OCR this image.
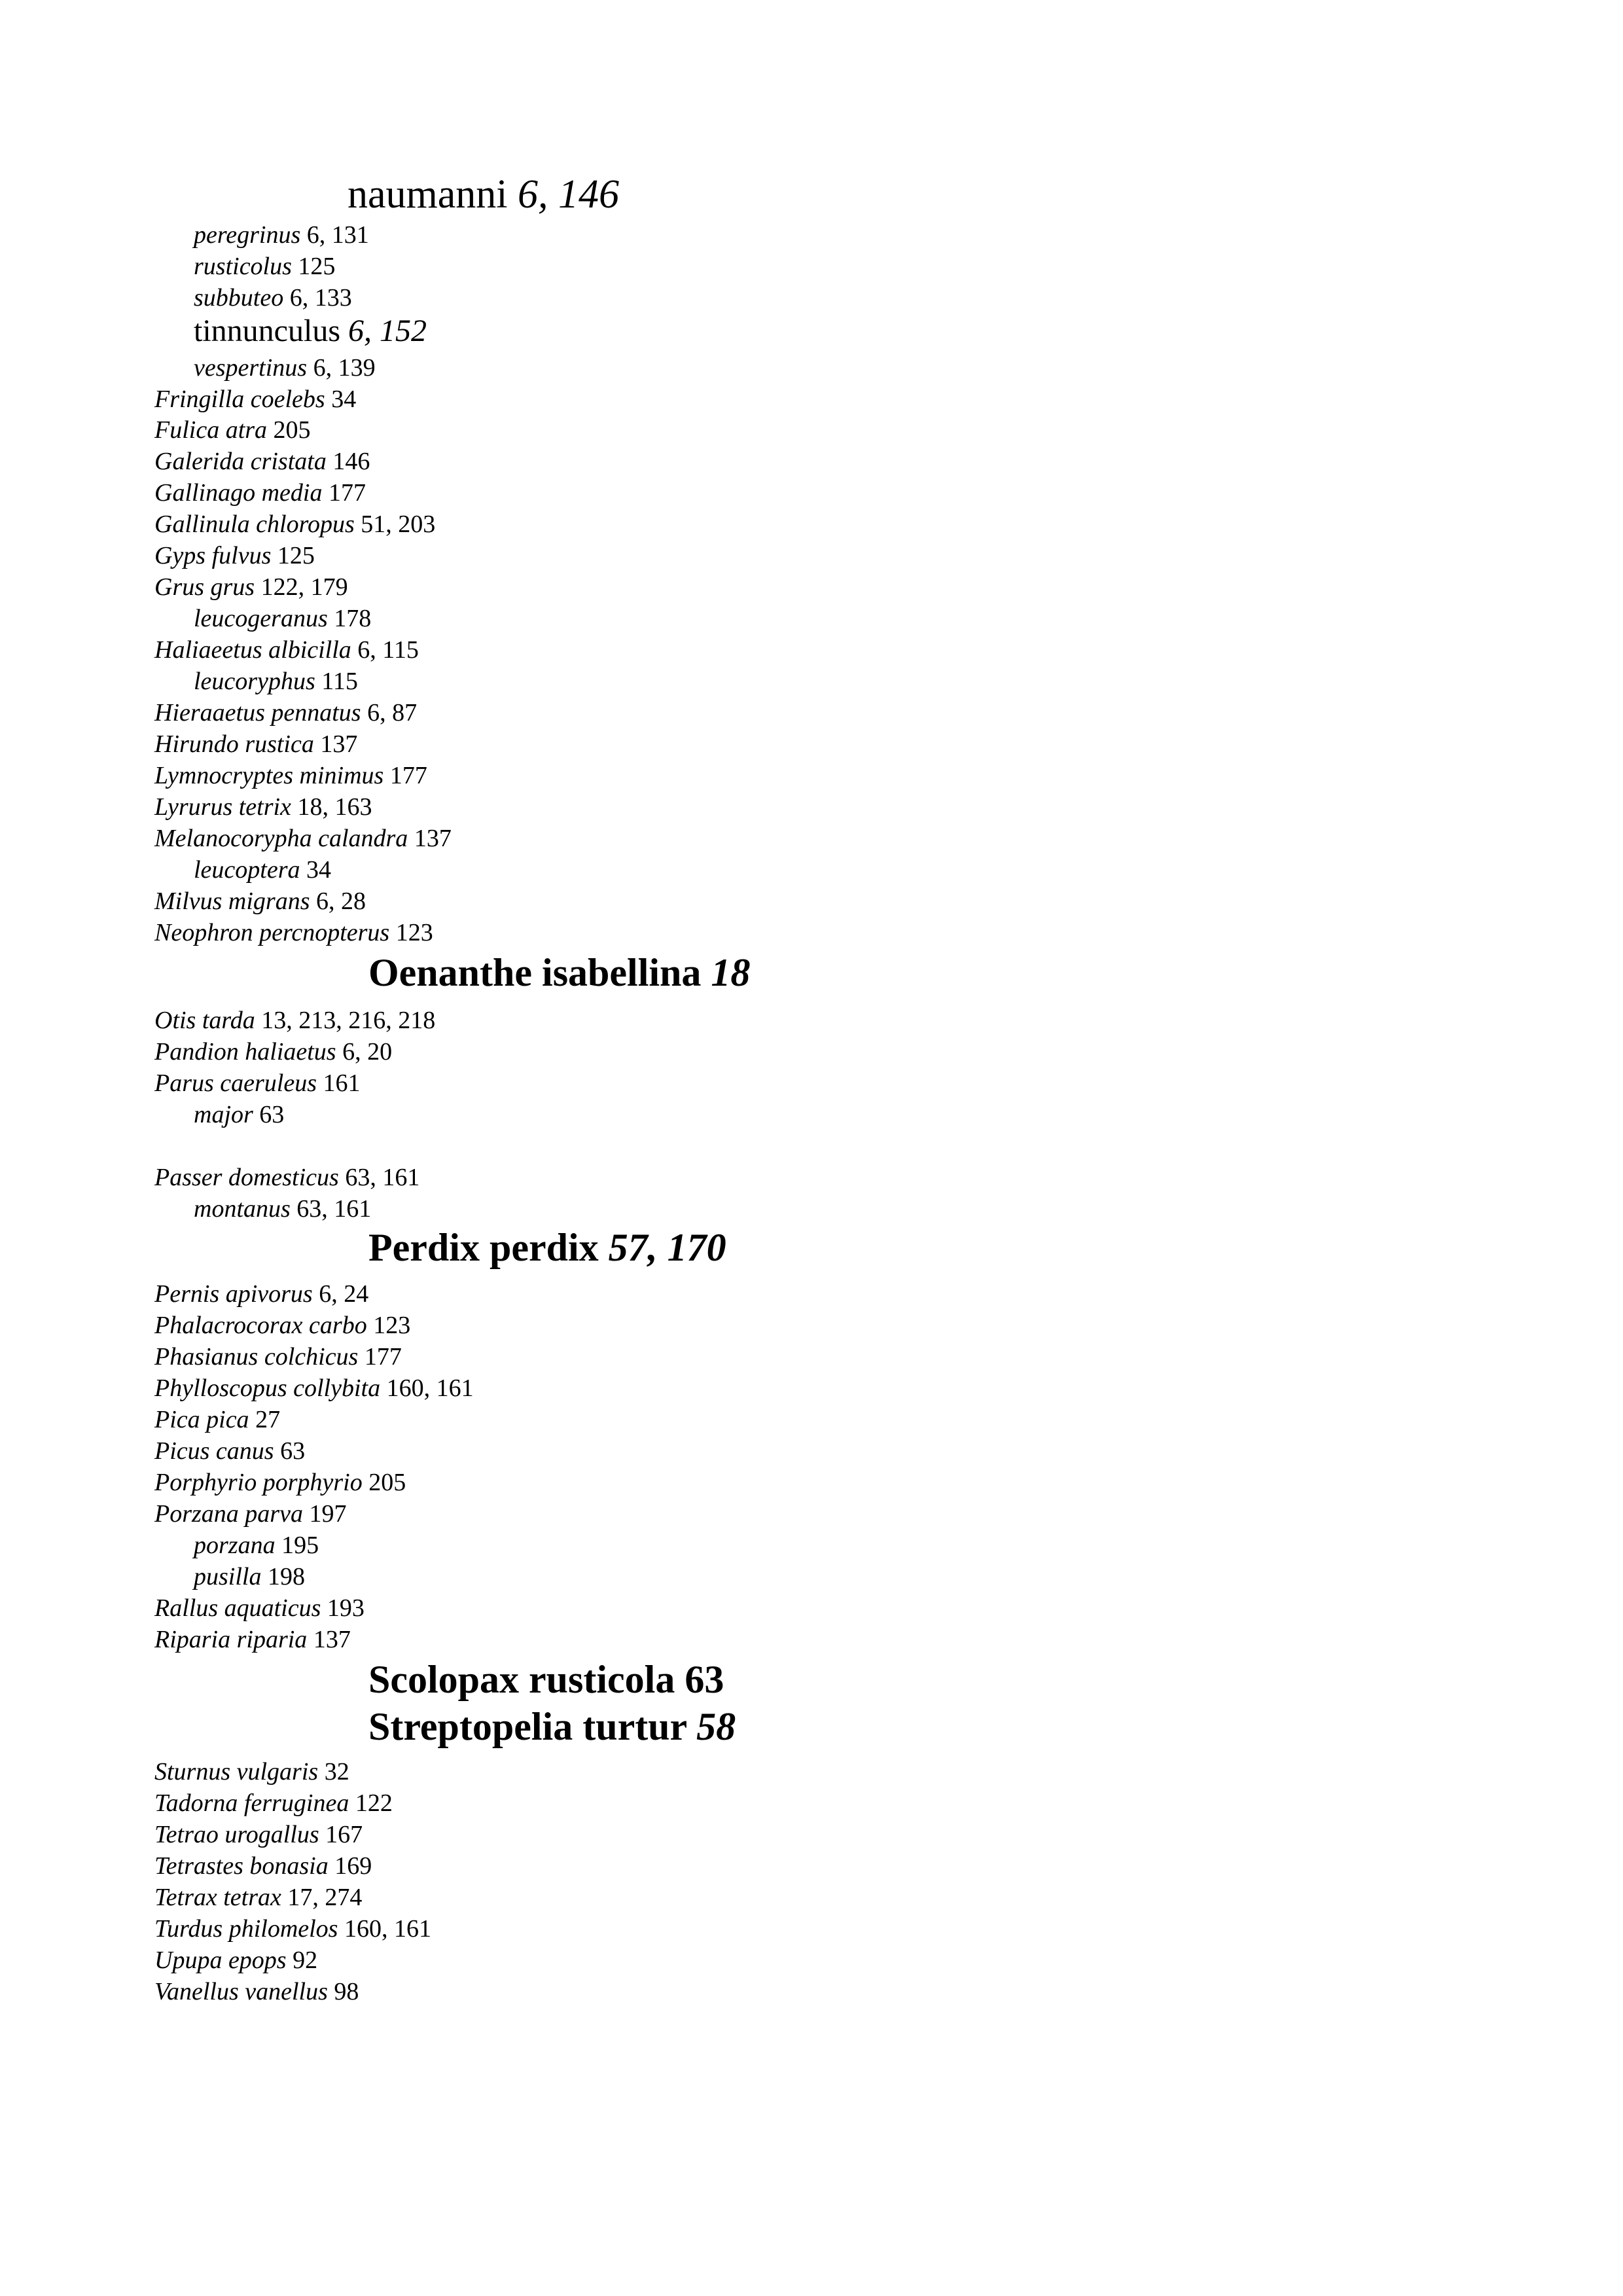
naumanni 6, 146
peregrinus 6, 131
rusticolus 125
subbuteo 6, 133
tinnunculus 6, 152
vespertinus 6, 139
Fringilla coelebs 34
Fulica atra 205
Galerida cristata 146
Gallinago media 177
Gallinula chloropus 51, 203
Gyps fulvus 125
Grus grus 122, 179
leucogeranus 178
Haliaeetus albicilla 6, 115
leucoryphus 115
Hieraaetus pennatus 6, 87
Hirundo rustica 137
Lymnocryptes minimus 177
Lyrurus tetrix 18, 163
Melanocorypha calandra 137
leucoptera 34
Milvus migrans 6, 28
Neophron percnopterus 123
Oenanthe isabellina 18
Otis tarda 13, 213, 216, 218
Pandion haliaetus 6, 20
Parus caeruleus 161
major 63
Passer domesticus 63, 161
montanus 63, 161
Perdix perdix 57, 170
Pernis apivorus 6, 24
Phalacrocorax carbo 123
Phasianus colchicus 177
Phylloscopus collybita 160, 161
Pica pica 27
Picus canus 63
Porphyrio porphyrio 205
Porzana parva 197
porzana 195
pusilla 198
Rallus aquaticus 193
Riparia riparia 137
Scolopax rusticola 63
Streptopelia turtur 58
Sturnus vulgaris 32
Tadorna ferruginea 122
Tetrao urogallus 167
Tetrastes bonasia 169
Tetrax tetrax 17, 274
Turdus philomelos 160, 161
Upupa epops 92
Vanellus vanellus 98
